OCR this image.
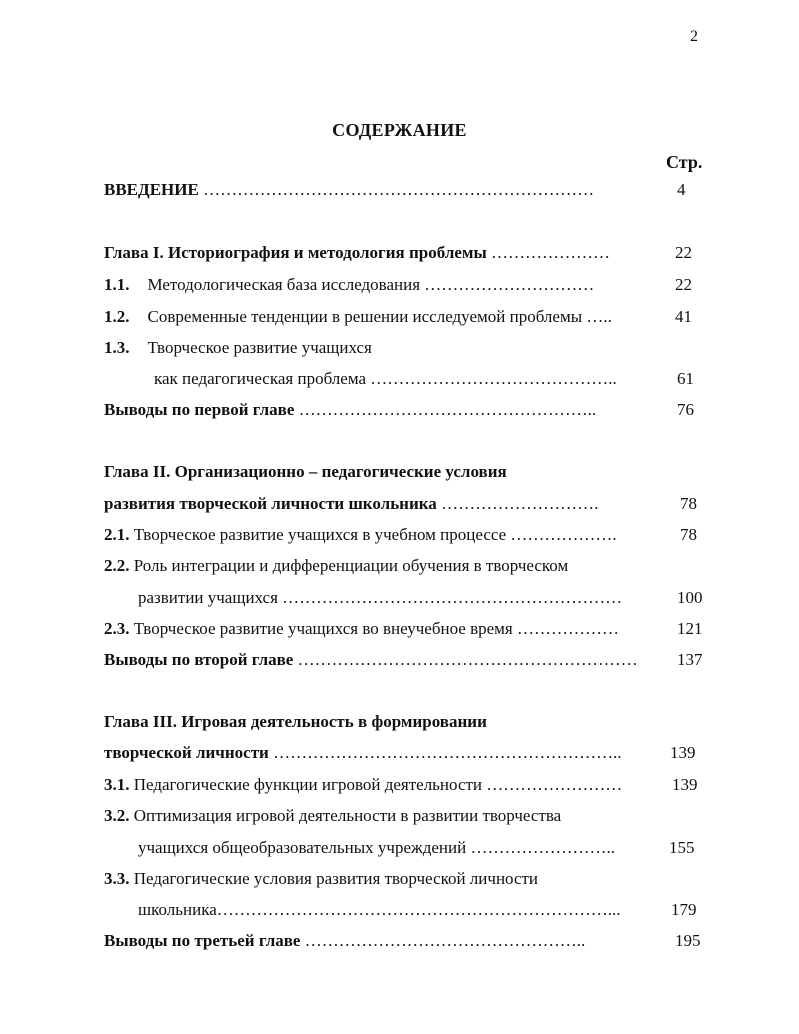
2
СОДЕРЖАНИЕ
Стр.
ВВЕДЕНИЕ ……………………………………………………………	4
Глава I. Историография и методология проблемы …………………	22
1.1. Методологическая база исследования …………………………	22
1.2. Современные тенденции в решении исследуемой проблемы …..	41
1.3. Творческое развитие учащихся
как педагогическая проблема ……………………………………..	61
Выводы по первой главе ……………………………………………..	76
Глава II. Организационно – педагогические условия
развития творческой личности школьника ……………………….	78
2.1. Творческое развитие учащихся в учебном процессе ……………….	78
2.2. Роль интеграции и дифференциации обучения в творческом
развитии учащихся ……………………………………………………	100
2.3. Творческое развитие учащихся во внеучебное время ………………	121
Выводы по второй главе ……………………………………………………	137
Глава III. Игровая деятельность в формировании
творческой личности ……………………………………………………..	139
3.1. Педагогические функции игровой деятельности ……………………	139
3.2. Оптимизация игровой деятельности в развитии творчества
учащихся общеобразовательных учреждений ……………………..	155
3.3. Педагогические условия развития творческой личности
школьника……………………………………………………………...	179
Выводы по третьей главе …………………………………………..	195
